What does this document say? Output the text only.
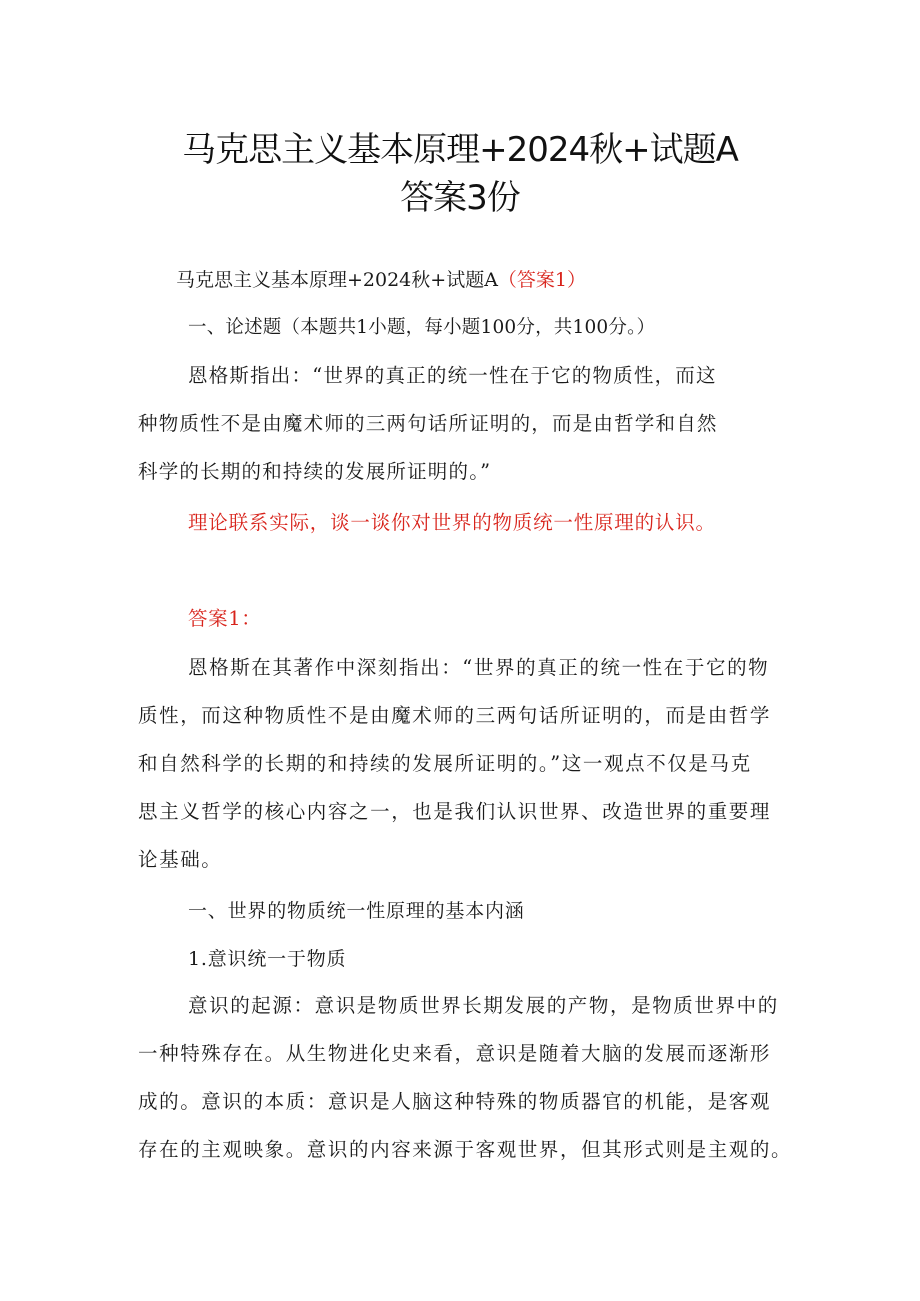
马克思主义基本原理+2024秋+试题A
答案3份
马克思主义基本原理+2024秋+试题A（答案1）
一、论述题（本题共1小题，每小题100分，共100分。）
恩格斯指出：“世界的真正的统一性在于它的物质性，而这
种物质性不是由魔术师的三两句话所证明的，而是由哲学和自然
科学的长期的和持续的发展所证明的。”
理论联系实际，谈一谈你对世界的物质统一性原理的认识。
答案1：
恩格斯在其著作中深刻指出：“世界的真正的统一性在于它的物
质性，而这种物质性不是由魔术师的三两句话所证明的，而是由哲学
和自然科学的长期的和持续的发展所证明的。”这一观点不仅是马克
思主义哲学的核心内容之一，也是我们认识世界、改造世界的重要理
论基础。
一、世界的物质统一性原理的基本内涵
1.意识统一于物质
意识的起源：意识是物质世界长期发展的产物，是物质世界中的
一种特殊存在。从生物进化史来看，意识是随着大脑的发展而逐渐形
成的。意识的本质：意识是人脑这种特殊的物质器官的机能，是客观
存在的主观映象。意识的内容来源于客观世界，但其形式则是主观的。
